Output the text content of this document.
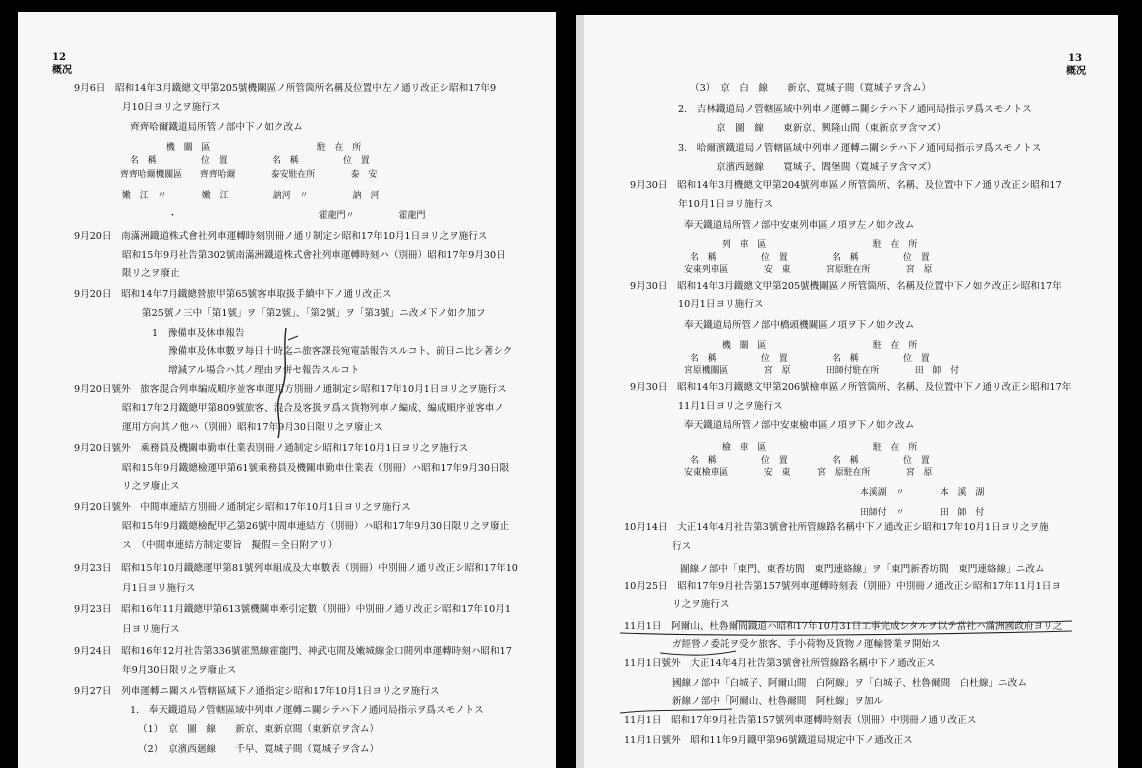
12
概况
9月6日　昭和14年3月鐵總文甲第205號機關區ノ所管箇所名稱及位置中左ノ通リ改正シ昭和17年9
月10日ヨリ之ヲ施行ス
齊齊哈爾鐵道局所管ノ部中下ノ如ク改ム
機　關　區　　　　　　　　　　　　駐　在　所
名　稱　　　　　位　置　　　　　名　稱　　　　　位　置
齊齊哈爾機關區　　齊齊哈爾　　　　泰安駐在所　　　　泰　安
嫩　江　〃　　　　嫩　江　　　　　訥河　〃　　　　　訥　河
・　　　　　　　　　　　　　　　　霍龍門〃　　　　　霍龍門
9月20日　南滿洲鐵道株式會社列車運轉時刻別冊ノ通リ制定シ昭和17年10月1日ヨリ之ヲ施行ス
昭和15年9月社告第302號南滿洲鐵道株式會社列車運轉時刻ハ（別冊）昭和17年9月30日
限リ之ヲ廢止
9月20日　昭和14年7月鐵總營旅甲第65號客車取扱手續中下ノ通リ改正ス
第25號ノ三中「第1號」ヲ「第2號」、「第2號」ヲ「第3號」ニ改メ下ノ如ク加フ
1　豫備車及休車報告
豫備車及休車數ヲ每日十時迄ニ旅客課長宛電話報告スルコト、前日ニ比シ著シク
增減アル場合ハ其ノ理由ヲ併セ報告スルコト
9月20日號外　旅客混合列車編成順序並客車運用方別冊ノ通制定シ昭和17年10月1日ヨリ之ヲ施行ス
昭和17年2月鐵總甲第809號旅客、混合及客扱ヲ爲ス貨物列車ノ編成、編成順序並客車ノ
運用方向其ノ他ハ（別冊）昭和17年9月30日限リ之ヲ廢止ス
9月20日號外　乘務員及機關車勤車仕業表別冊ノ通制定シ昭和17年10月1日ヨリ之ヲ施行ス
昭和15年9月鐵總檢運甲第61號乘務員及機關車勤車仕業表（別冊）ハ昭和17年9月30日限
リ之ヲ廢止ス
9月20日號外　中間車連結方別冊ノ通制定シ昭和17年10月1日ヨリ之ヲ施行ス
昭和15年9月鐵總檢配甲乙第26號中間車連結方（別冊）ハ昭和17年9月30日限リ之ヲ廢止
ス　（中間車連結方制定要旨　擬假＝全日附アリ）
9月23日　昭和15年10月鐵總運甲第81號列車組成及大車數表（別冊）中別冊ノ通リ改正シ昭和17年10
月1日ヨリ施行ス
9月23日　昭和16年11月鐵總甲第613號機關車牽引定數（別冊）中別冊ノ通リ改正シ昭和17年10月1
日ヨリ施行ス
9月24日　昭和16年12月社告第336號霍黑線霍龍門、神武屯間及嫩城線金口間列車運轉時刻ハ昭和17
年9月30日限リ之ヲ廢止ス
9月27日　列車運轉ニ關スル管轄區域下ノ通指定シ昭和17年10月1日ヨリ之ヲ施行ス
1.　奉天鐵道局ノ管轄區域中列車ノ運轉ニ關シテハ下ノ通同局指示ヲ爲スモノトス
（1）　京　圖　線　　新京、東新京間（東新京ヲ含ム）
（2）　京濱西廻線　　千早、寬城子間（寬城子ヲ含ム）
13
概况
（3）　京　白　線　　新京、寬城子間（寬城子ヲ含ム）
2.　吉林鐵道局ノ管轄區域中列車ノ運轉ニ關シテハ下ノ通同局指示ヲ爲スモノトス
京　圖　線　　東新京、興隆山間（東新京ヲ含マズ）
3.　哈爾濱鐵道局ノ管轄區域中列車ノ運轉ニ關シテハ下ノ通同局指示ヲ爲スモノトス
京濱西廻線　　寬城子、閻堡間（寬城子ヲ含マズ）
9月30日　昭和14年3月機總文甲第204號列車區ノ所管箇所、名稱、及位置中下ノ通リ改正シ昭和17
年10月1日ヨリ施行ス
奉天鐵道局所管ノ部中安東列車區ノ項ヲ左ノ如ク改ム
列　車　區　　　　　　　　　　　　駐　在　所
名　稱　　　　　位　置　　　　　名　稱　　　　　位　置
安東列車區　　　　安　東　　　　宮原駐在所　　　　宮　原
9月30日　昭和14年3月鐵總文甲第205號機關區ノ所管箇所、名稱及位置中下ノ如ク改正シ昭和17年
10月1日ヨリ施行ス
奉天鐵道局所管ノ部中橋頭機關區ノ項ヲ下ノ如ク改ム
機　關　區　　　　　　　　　　　　駐　在　所
名　稱　　　　　位　置　　　　　名　稱　　　　　位　置
宮原機關區　　　　宮　原　　　　田師付駐在所　　　　田　師　付
9月30日　昭和14年3月鐵總文甲第206號檢車區ノ所管箇所、名稱、及位置中下ノ通リ改正シ昭和17年
11月1日ヨリ之ヲ施行ス
奉天鐵道局所管ノ部中安東檢車區ノ項ヲ下ノ如ク改ム
檢　車　區　　　　　　　　　　　　駐　在　所
名　稱　　　　　位　置　　　　　名　稱　　　　　位　置
安東檢車區　　　　安　東　　　宮　原駐在所　　　　宮　原
本溪湖　〃　　　　本　溪　湖
田師付　〃　　　　田　師　付
10月14日　大正14年4月社告第3號會社所管線路名稱中下ノ通改正シ昭和17年10月1日ヨリ之ヲ施
行ス
圖線ノ部中「東門、東香坊間　東門連絡線」ヲ「東門新香坊間　東門連絡線」ニ改ム
10月25日　昭和17年9月社告第157號列車運轉時刻表（別冊）中別冊ノ通改正シ昭和17年11月1日ヨ
リ之ヲ施行ス
11月1日　阿爾山、杜魯爾間鐵道ハ昭和17年10月31日工事完成シタルヲ以テ當社ハ滿洲國政府ヨリ之
ガ經營ノ委託ヲ受ケ旅客、手小荷物及貨物ノ運輸營業ヲ開始ス
11月1日號外　大正14年4月社告第3號會社所管線路名稱中下ノ通改正ス
國線ノ部中「白城子、阿爾山間　白阿線」ヲ「白城子、杜魯爾間　白杜線」ニ改ム
新線ノ部中「阿爾山、杜魯爾間　阿杜線」ヲ加ル
11月1日　昭和17年9月社告第157號列車運轉時刻表（別冊）中別冊ノ通リ改正ス
11月1日號外　昭和11年9月鐵甲第96號鐵道局規定中下ノ通改正ス
